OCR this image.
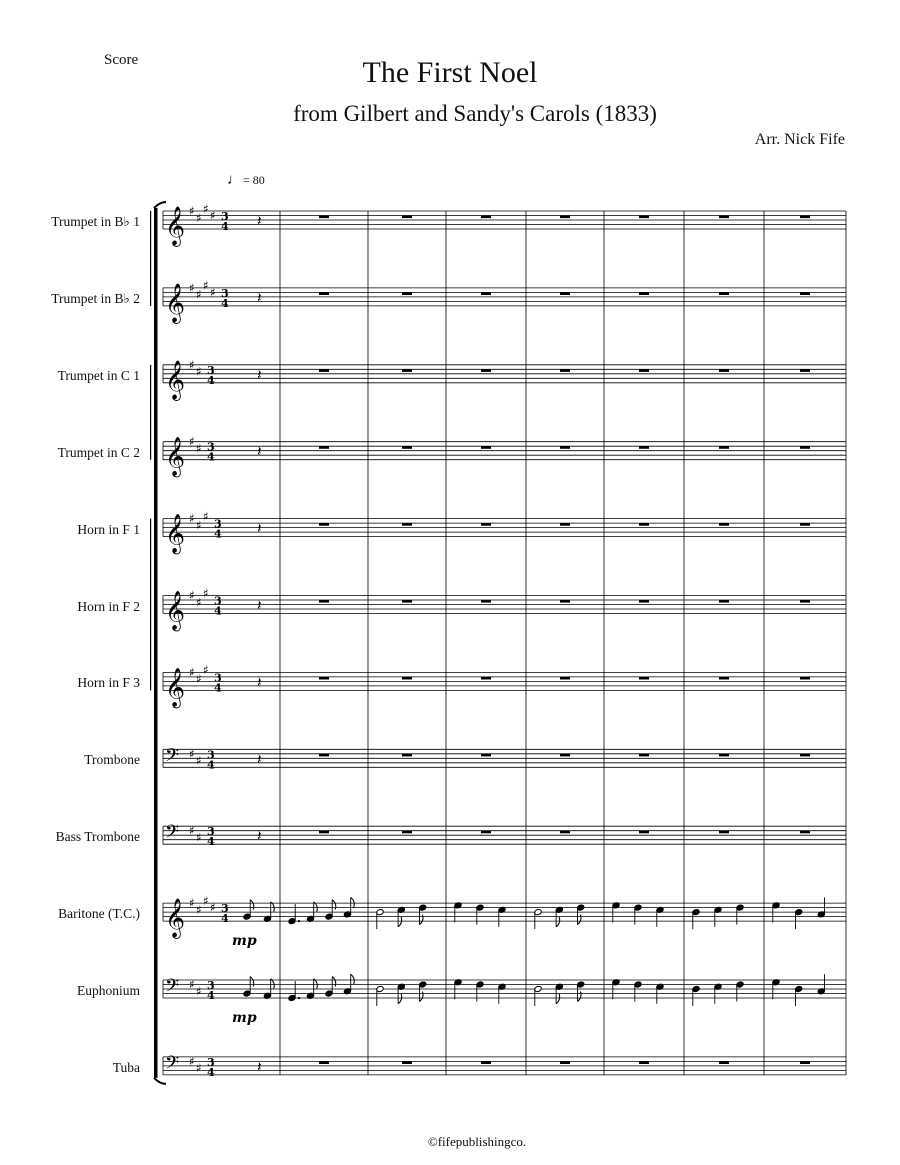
Score	The First Noel
from Gilbert and Sandy's Carols (1833)
Arr. Nick Fife
♩= 80
Trumpet in B♭ 1
Trumpet in B♭ 2
Trumpet in C 1
Trumpet in C 2
Horn in F 1
Horn in F 2
Horn in F 3
Trombone
Bass Trombone
Baritone (T.C.)
Euphonium
Tuba
𝄞 ♯ ♯
♯ ♯ 3
4 𝄽
𝄞 ♯ ♯
♯ ♯ 3
4 𝄽
𝄞 ♯ ♯ 3
4	𝄽
𝄞 ♯ ♯ 3
4	𝄽
𝄞 ♯ ♯
♯
3
4 𝄽
𝄞 ♯ ♯
♯
3
4 𝄽
𝄞 ♯ ♯
♯
3
4 𝄽
𝄢 ♯ ♯ 3
4	𝄽
𝄢 ♯ ♯ 3
4	𝄽
𝄞 ♯ ♯
♯ ♯ 3
4
mp
𝄢 ♯ ♯ 3
4
mp
𝄢 ♯ ♯ 3
4	𝄽
©fifepublishingco.
